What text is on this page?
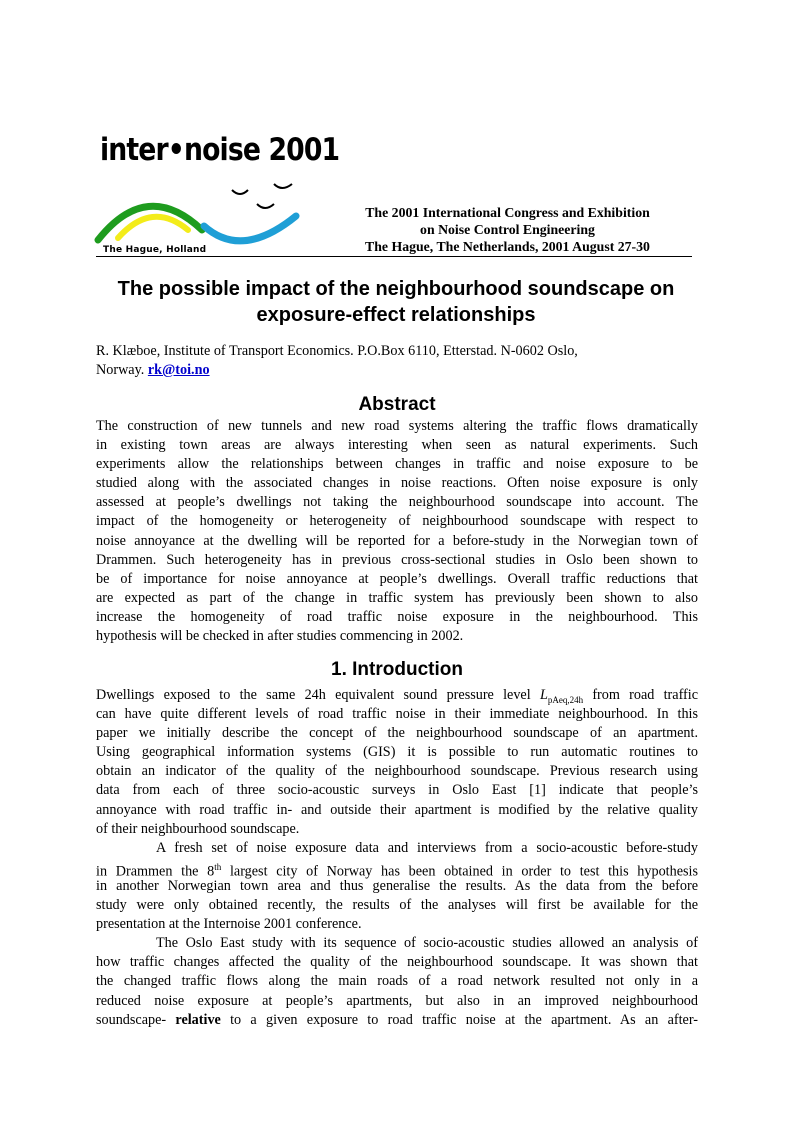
inter•noise 2001
The Hague, Holland
The 2001 International Congress and Exhibition
on Noise Control Engineering
The Hague, The Netherlands, 2001 August 27-30
The possible impact of the neighbourhood soundscape on
exposure-effect relationships
R. Klæboe, Institute of Transport Economics. P.O.Box 6110, Etterstad. N-0602 Oslo,
Norway. rk@toi.no
Abstract
The construction of new tunnels and new road systems altering the traffic flows dramatically
in existing town areas are always interesting when seen as natural experiments. Such
experiments allow the relationships between changes in traffic and noise exposure to be
studied along with the associated changes in noise reactions. Often noise exposure is only
assessed at people’s dwellings not taking the neighbourhood soundscape into account. The
impact of the homogeneity or heterogeneity of neighbourhood soundscape with respect to
noise annoyance at the dwelling will be reported for a before-study in the Norwegian town of
Drammen. Such heterogeneity has in previous cross-sectional studies in Oslo been shown to
be of importance for noise annoyance at people’s dwellings. Overall traffic reductions that
are expected as part of the change in traffic system has previously been shown to also
increase the homogeneity of road traffic noise exposure in the neighbourhood. This
hypothesis will be checked in after studies commencing in 2002.
1. Introduction
Dwellings exposed to the same 24h equivalent sound pressure level $L_{pAeq,24h}$ from road traffic
can have quite different levels of road traffic noise in their immediate neighbourhood. In this
paper we initially describe the concept of the neighbourhood soundscape of an apartment.
Using geographical information systems (GIS) it is possible to run automatic routines to
obtain an indicator of the quality of the neighbourhood soundscape. Previous research using
data from each of three socio-acoustic surveys in Oslo East [1] indicate that people’s
annoyance with road traffic in- and outside their apartment is modified by the relative quality
of their neighbourhood soundscape.
A fresh set of noise exposure data and interviews from a socio-acoustic before-study
in Drammen the 8th largest city of Norway has been obtained in order to test this hypothesis
in another Norwegian town area and thus generalise the results. As the data from the before
study were only obtained recently, the results of the analyses will first be available for the
presentation at the Internoise 2001 conference.
The Oslo East study with its sequence of socio-acoustic studies allowed an analysis of
how traffic changes affected the quality of the neighbourhood soundscape. It was shown that
the changed traffic flows along the main roads of a road network resulted not only in a
reduced noise exposure at people’s apartments, but also in an improved neighbourhood
soundscape- relative to a given exposure to road traffic noise at the apartment. As an after-
